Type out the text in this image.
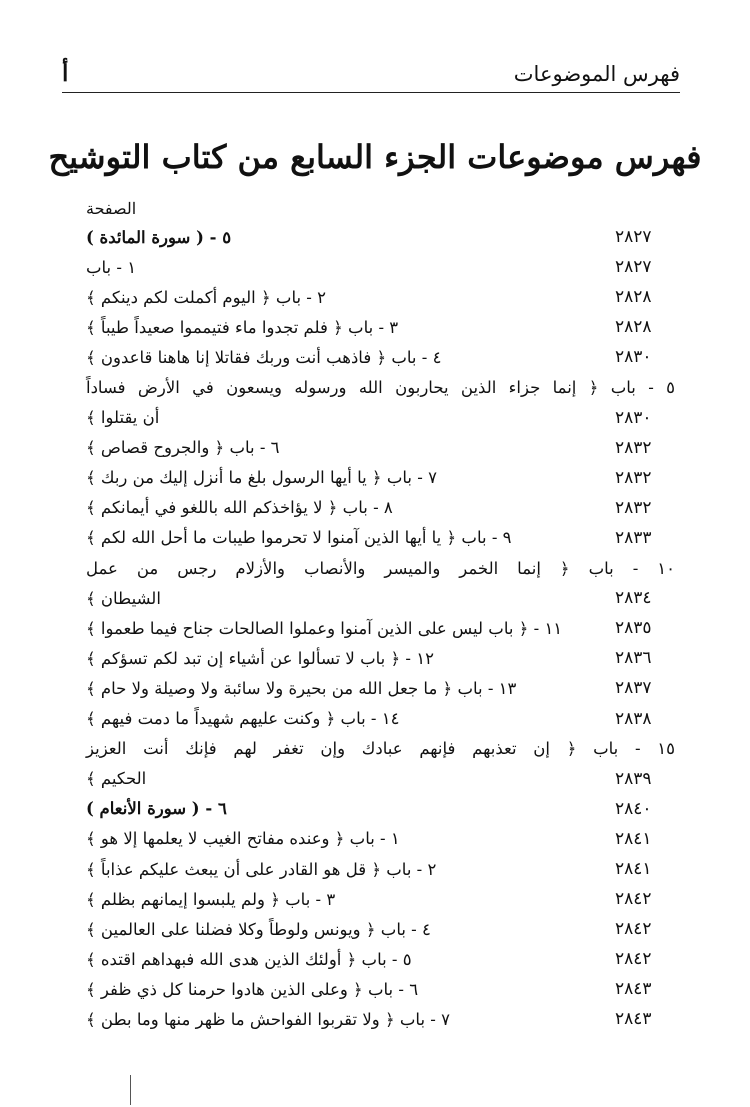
فهرس الموضوعات
أ
فهرس موضوعات الجزء السابع من كتاب التوشيح
الصفحة
٥ - ( سورة المائدة )	٢٨٢٧
١ - باب	٢٨٢٧
٢ - باب ﴿ اليوم أكملت لكم دينكم ﴾	٢٨٢٨
٣ - باب ﴿ فلم تجدوا ماء فتيمموا صعيداً طيباً ﴾	٢٨٢٨
٤ - باب ﴿ فاذهب أنت وربك فقاتلا إنا هاهنا قاعدون ﴾	٢٨٣٠
٥ - باب ﴿ إنما جزاء الذين يحاربون الله ورسوله ويسعون في الأرض فساداً
أن يقتلوا ﴾	٢٨٣٠
٦ - باب ﴿ والجروح قصاص ﴾	٢٨٣٢
٧ - باب ﴿ يا أيها الرسول بلغ ما أنزل إليك من ربك ﴾	٢٨٣٢
٨ - باب ﴿ لا يؤاخذكم الله باللغو في أيمانكم ﴾	٢٨٣٢
٩ - باب ﴿ يا أيها الذين آمنوا لا تحرموا طيبات ما أحل الله لكم ﴾	٢٨٣٣
١٠ - باب ﴿ إنما الخمر والميسر والأنصاب والأزلام رجس من عمل
الشيطان ﴾	٢٨٣٤
١١ - ﴿ باب ليس على الذين آمنوا وعملوا الصالحات جناح فيما طعموا ﴾	٢٨٣٥
١٢ - ﴿ باب لا تسألوا عن أشياء إن تبد لكم تسؤكم ﴾	٢٨٣٦
١٣ - باب ﴿ ما جعل الله من بحيرة ولا سائبة ولا وصيلة ولا حام ﴾	٢٨٣٧
١٤ - باب ﴿ وكنت عليهم شهيداً ما دمت فيهم ﴾	٢٨٣٨
١٥ - باب ﴿ إن تعذبهم فإنهم عبادك وإن تغفر لهم فإنك أنت العزيز
الحكيم ﴾	٢٨٣٩
٦ - ( سورة الأنعام )	٢٨٤٠
١ - باب ﴿ وعنده مفاتح الغيب لا يعلمها إلا هو ﴾	٢٨٤١
٢ - باب ﴿ قل هو القادر على أن يبعث عليكم عذاباً ﴾	٢٨٤١
٣ - باب ﴿ ولم يلبسوا إيمانهم بظلم ﴾	٢٨٤٢
٤ - باب ﴿ ويونس ولوطاً وكلا فضلنا على العالمين ﴾	٢٨٤٢
٥ - باب ﴿ أولئك الذين هدى الله فبهداهم اقتده ﴾	٢٨٤٢
٦ - باب ﴿ وعلى الذين هادوا حرمنا كل ذي ظفر ﴾	٢٨٤٣
٧ - باب ﴿ ولا تقربوا الفواحش ما ظهر منها وما بطن ﴾	٢٨٤٣
